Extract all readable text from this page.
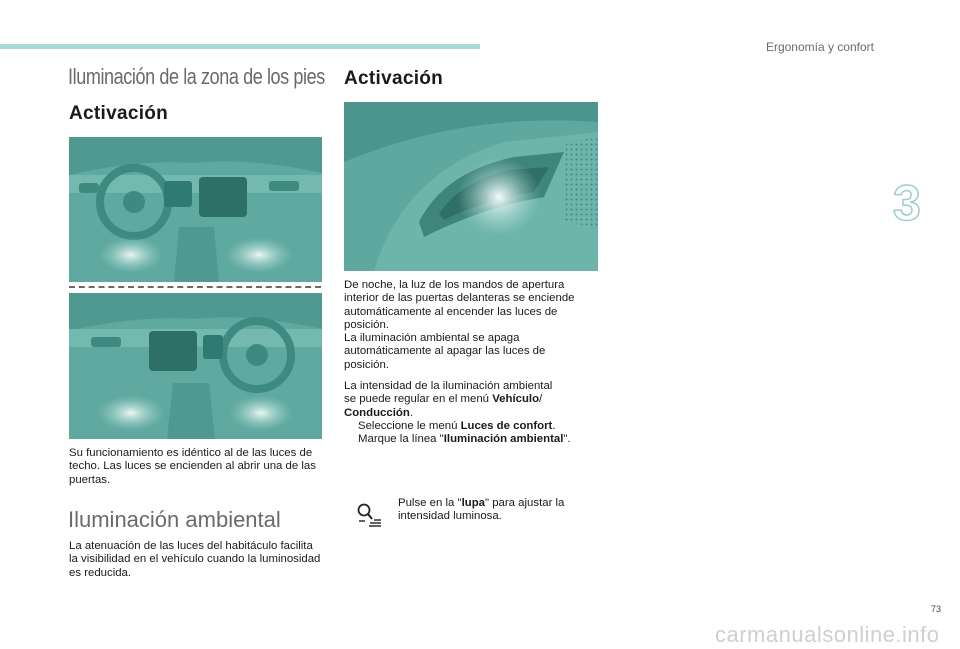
Ergonomía y confort
3
Iluminación de la zona de los pies
Activación

Su funcionamiento es idéntico al de las luces de techo. Las luces se encienden al abrir una de las puertas.

Iluminación ambiental

La atenuación de las luces del habitáculo facilita la visibilidad en el vehículo cuando la luminosidad es reducida.

Activación
De noche, la luz de los mandos de apertura
interior de las puertas delanteras se enciende
automáticamente al encender las luces de
posición.
La iluminación ambiental se apaga
automáticamente al apagar las luces de
posición.
La intensidad de la iluminación ambiental
se puede regular en el menú Vehículo/
Conducción.
Seleccione le menú Luces de confort.
Marque la línea "Iluminación ambiental".
Pulse en la "lupa" para ajustar la
intensidad luminosa.
73
carmanualsonline.info
